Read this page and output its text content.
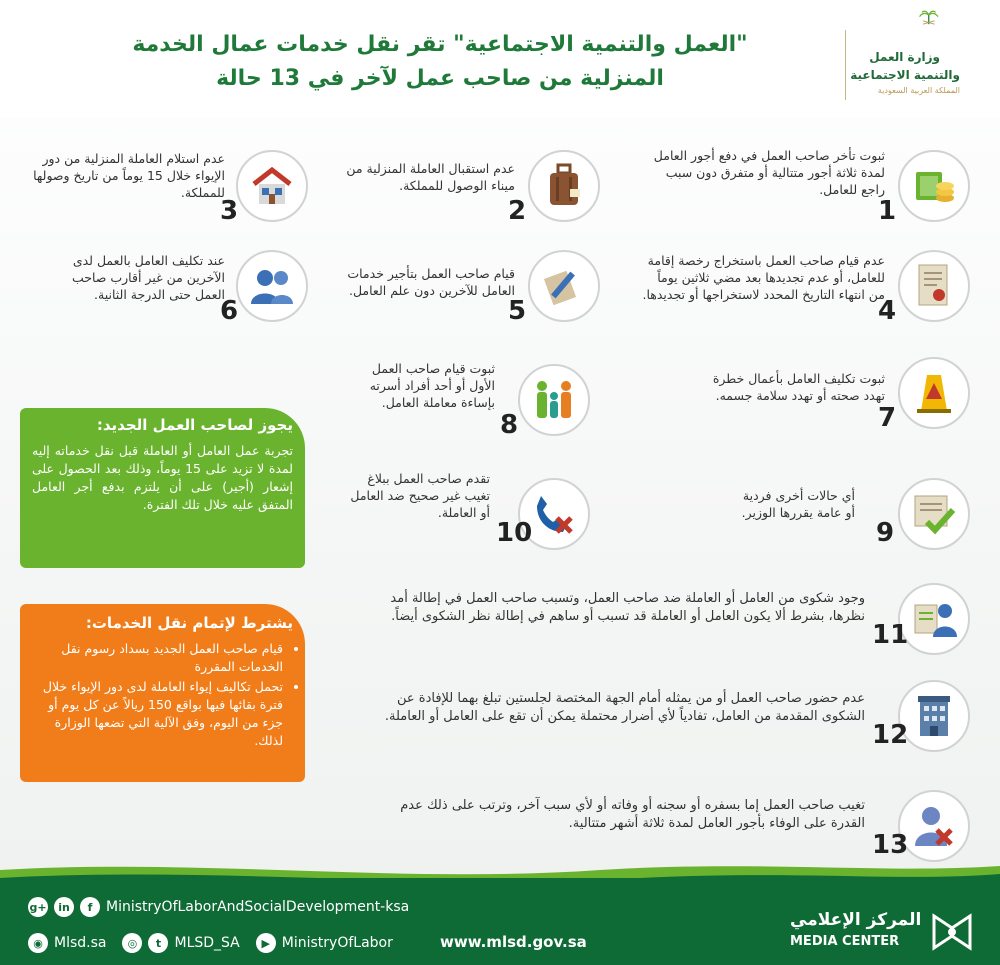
"العمل والتنمية الاجتماعية" تقر نقل خدمات عمال الخدمة
المنزلية من صاحب عمل لآخر في 13 حالة
وزارة العمل
والتنمية الاجتماعية
المملكة العربية السعودية
1
ثبوت تأخر صاحب العمل في دفع أجور العامل لمدة ثلاثة أجور متتالية أو متفرق دون سبب راجع للعامل.
2
عدم استقبال العاملة المنزلية من ميناء الوصول للمملكة.
3
عدم استلام العاملة المنزلية من دور الإيواء خلال 15 يوماً من تاريخ وصولها للمملكة.
4
عدم قيام صاحب العمل باستخراج رخصة إقامة للعامل، أو عدم تجديدها بعد مضي ثلاثين يوماً من انتهاء التاريخ المحدد لاستخراجها أو تجديدها.
5
قيام صاحب العمل بتأجير خدمات العامل للآخرين دون علم العامل.
6
عند تكليف العامل بالعمل لدى الآخرين من غير أقارب صاحب العمل حتى الدرجة الثانية.
7
ثبوت تكليف العامل بأعمال خطرة تهدد صحته أو تهدد سلامة جسمه.
8
ثبوت قيام صاحب العمل الأول أو أحد أفراد أسرته بإساءة معاملة العامل.
9
أي حالات أخرى فردية أو عامة يقررها الوزير.
10
تقدم صاحب العمل ببلاغ تغيب غير صحيح ضد العامل أو العاملة.
11
وجود شكوى من العامل أو العاملة ضد صاحب العمل، وتسبب صاحب العمل في إطالة أمد نظرها، بشرط ألا يكون العامل أو العاملة قد تسبب أو ساهم في إطالة نظر الشكوى أيضاً.
12
عدم حضور صاحب العمل أو من يمثله أمام الجهة المختصة لجلستين تبلغ بهما للإفادة عن الشكوى المقدمة من العامل، تفادياً لأي أضرار محتملة يمكن أن تقع على العامل أو العاملة.
13
تغيب صاحب العمل إما بسفره أو سجنه أو وفاته أو لأي سبب آخر، وترتب على ذلك عدم القدرة على الوفاء بأجور العامل لمدة ثلاثة أشهر متتالية.
يجوز لصاحب العمل الجديد:
تجربة عمل العامل أو العاملة قبل نقل خدماته إليه لمدة لا تزيد على 15 يوماً، وذلك بعد الحصول على إشعار (أجير) على أن يلتزم بدفع أجر العامل المتفق عليه خلال تلك الفترة.
يشترط لإتمام نقل الخدمات:
• قيام صاحب العمل الجديد بسداد رسوم نقل الخدمات المقررة
• تحمل تكاليف إيواء العاملة لدى دور الإيواء خلال فترة بقائها فيها بواقع 150 ريالاً عن كل يوم أو جزء من اليوم، وفق الآلية التي تضعها الوزارة لذلك.
g+	in	f MinistryOfLaborAndSocialDevelopment-ksa
◉ Mlsd.sa	◎	t MLSD_SA	▶ MinistryOfLabor	www.mlsd.gov.sa
المركز الإعلامي
MEDIA CENTER
